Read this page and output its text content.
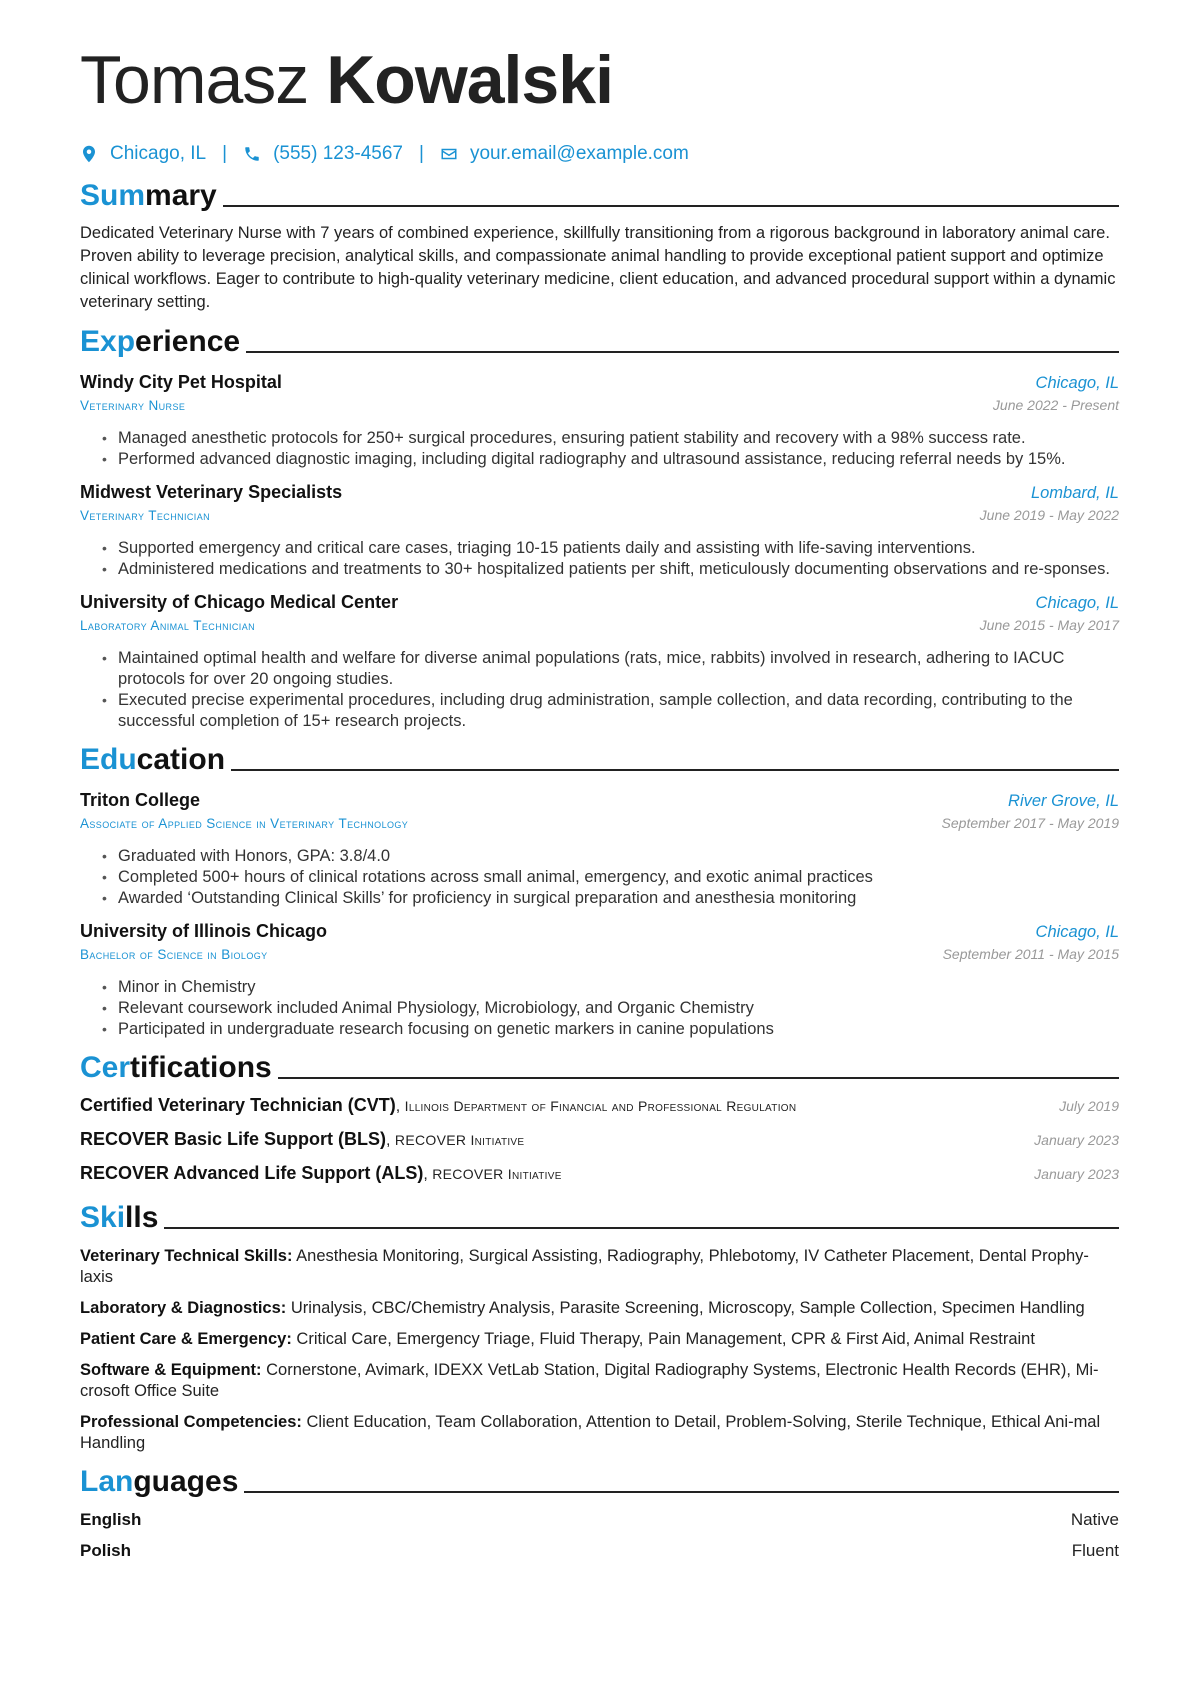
Tomasz Kowalski
Chicago, IL | (555) 123-4567 | your.email@example.com
Summary

Dedicated Veterinary Nurse with 7 years of combined experience, skillfully transitioning from a rigorous background in laboratory animal care. Proven ability to leverage precision, analytical skills, and compassionate animal handling to provide exceptional patient support and optimize clinical workflows. Eager to contribute to high-quality veterinary medicine, client education, and advanced procedural support within a dynamic veterinary setting.

Experience
Windy City Pet Hospital	Chicago, IL
Veterinary Nurse	June 2022 - Present
• Managed anesthetic protocols for 250+ surgical procedures, ensuring patient stability and recovery with a 98% success rate.
• Performed advanced diagnostic imaging, including digital radiography and ultrasound assistance, reducing referral needs by 15%.
Midwest Veterinary Specialists	Lombard, IL
Veterinary Technician	June 2019 - May 2022
• Supported emergency and critical care cases, triaging 10-15 patients daily and assisting with life-saving interventions.
• Administered medications and treatments to 30+ hospitalized patients per shift, meticulously documenting observations and re-sponses.
University of Chicago Medical Center	Chicago, IL
Laboratory Animal Technician	June 2015 - May 2017
• Maintained optimal health and welfare for diverse animal populations (rats, mice, rabbits) involved in research, adhering to IACUC protocols for over 20 ongoing studies.
• Executed precise experimental procedures, including drug administration, sample collection, and data recording, contributing to the successful completion of 15+ research projects.
Education
Triton College	River Grove, IL
Associate of Applied Science in Veterinary Technology	September 2017 - May 2019
• Graduated with Honors, GPA: 3.8/4.0
• Completed 500+ hours of clinical rotations across small animal, emergency, and exotic animal practices
• Awarded ‘Outstanding Clinical Skills’ for proficiency in surgical preparation and anesthesia monitoring
University of Illinois Chicago	Chicago, IL
Bachelor of Science in Biology	September 2011 - May 2015
• Minor in Chemistry
• Relevant coursework included Animal Physiology, Microbiology, and Organic Chemistry
• Participated in undergraduate research focusing on genetic markers in canine populations
Certifications
Certified Veterinary Technician (CVT), Illinois Department of Financial and Professional Regulation	July 2019
RECOVER Basic Life Support (BLS), RECOVER Initiative	January 2023
RECOVER Advanced Life Support (ALS), RECOVER Initiative	January 2023
Skills

Veterinary Technical Skills: Anesthesia Monitoring, Surgical Assisting, Radiography, Phlebotomy, IV Catheter Placement, Dental Prophy-laxis

Laboratory & Diagnostics: Urinalysis, CBC/Chemistry Analysis, Parasite Screening, Microscopy, Sample Collection, Specimen Handling

Patient Care & Emergency: Critical Care, Emergency Triage, Fluid Therapy, Pain Management, CPR & First Aid, Animal Restraint

Software & Equipment: Cornerstone, Avimark, IDEXX VetLab Station, Digital Radiography Systems, Electronic Health Records (EHR), Mi-crosoft Office Suite

Professional Competencies: Client Education, Team Collaboration, Attention to Detail, Problem-Solving, Sterile Technique, Ethical Ani-mal Handling

Languages
English	Native
Polish	Fluent
